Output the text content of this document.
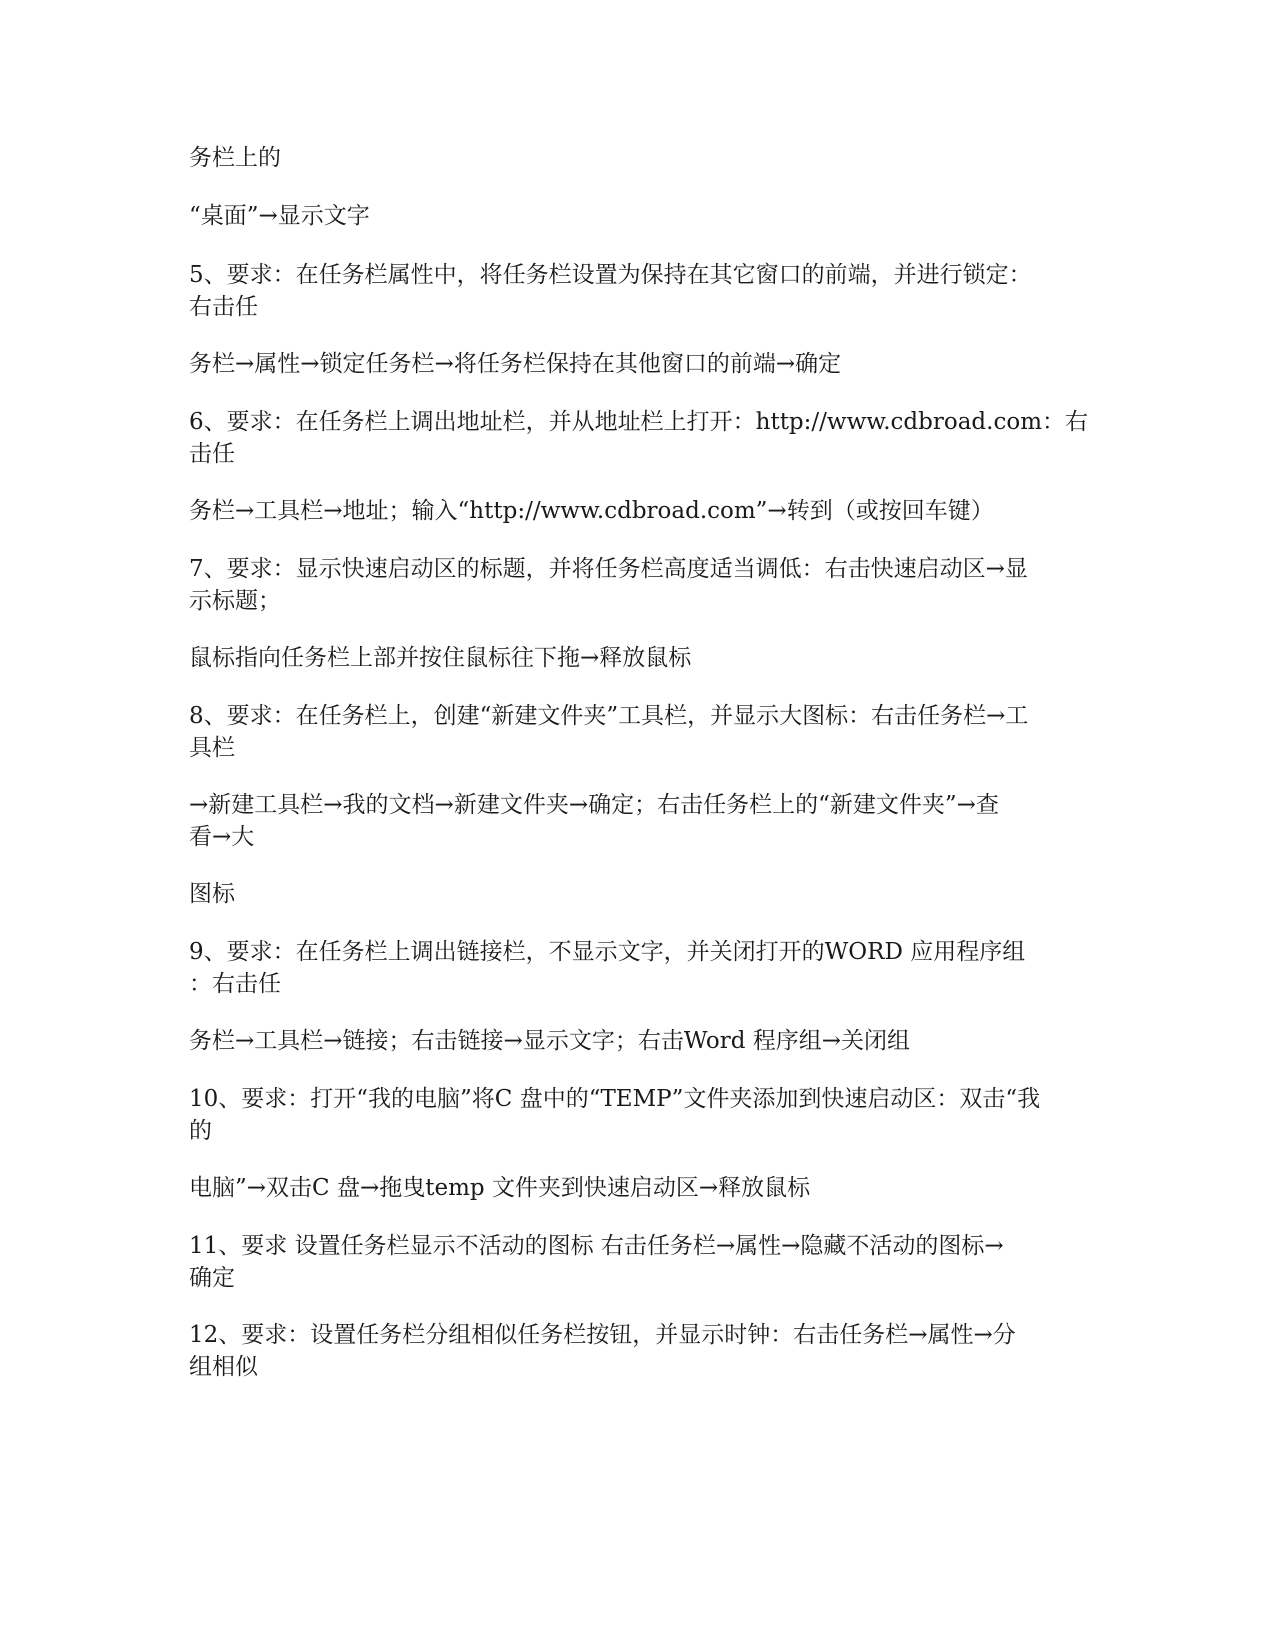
务栏上的

“桌面”→显示文字

5、要求：在任务栏属性中，将任务栏设置为保持在其它窗口的前端，并进行锁定：
右击任

务栏→属性→锁定任务栏→将任务栏保持在其他窗口的前端→确定

6、要求：在任务栏上调出地址栏，并从地址栏上打开：http://www.cdbroad.com：右
击任

务栏→工具栏→地址；输入“http://www.cdbroad.com”→转到（或按回车键）

7、要求：显示快速启动区的标题，并将任务栏高度适当调低：右击快速启动区→显
示标题；

鼠标指向任务栏上部并按住鼠标往下拖→释放鼠标

8、要求：在任务栏上，创建“新建文件夹”工具栏，并显示大图标：右击任务栏→工
具栏

→新建工具栏→我的文档→新建文件夹→确定；右击任务栏上的“新建文件夹”→查
看→大

图标

9、要求：在任务栏上调出链接栏，不显示文字，并关闭打开的WORD 应用程序组
：右击任

务栏→工具栏→链接；右击链接→显示文字；右击Word 程序组→关闭组

10、要求：打开“我的电脑”将C 盘中的“TEMP”文件夹添加到快速启动区：双击“我
的

电脑”→双击C 盘→拖曳temp 文件夹到快速启动区→释放鼠标

11、要求 设置任务栏显示不活动的图标 右击任务栏→属性→隐藏不活动的图标→
确定

12、要求：设置任务栏分组相似任务栏按钮，并显示时钟：右击任务栏→属性→分
组相似
